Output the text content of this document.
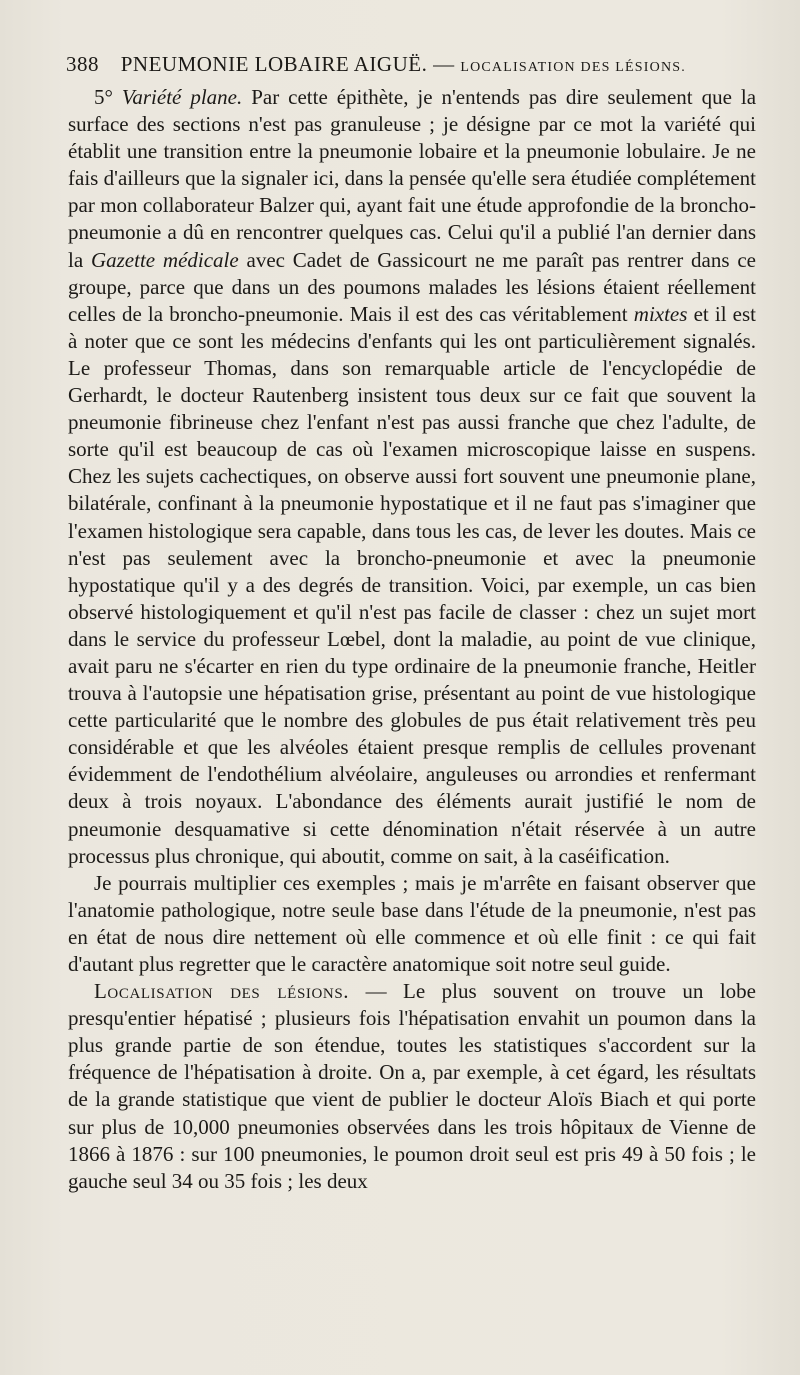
388 PNEUMONIE LOBAIRE AIGUË. — LOCALISATION DES LÉSIONS.

5° Variété plane. Par cette épithète, je n'entends pas dire seulement que la surface des sections n'est pas granuleuse ; je désigne par ce mot la variété qui établit une transition entre la pneumonie lobaire et la pneumonie lobulaire. Je ne fais d'ailleurs que la signaler ici, dans la pensée qu'elle sera étudiée complétement par mon collaborateur Balzer qui, ayant fait une étude approfondie de la broncho-pneumonie a dû en rencontrer quelques cas. Celui qu'il a publié l'an dernier dans la Gazette médicale avec Cadet de Gassicourt ne me paraît pas rentrer dans ce groupe, parce que dans un des poumons malades les lésions étaient réellement celles de la broncho-pneumonie. Mais il est des cas véritablement mixtes et il est à noter que ce sont les médecins d'enfants qui les ont particulièrement signalés. Le professeur Thomas, dans son remarquable article de l'encyclopédie de Gerhardt, le docteur Rautenberg insistent tous deux sur ce fait que souvent la pneumonie fibrineuse chez l'enfant n'est pas aussi franche que chez l'adulte, de sorte qu'il est beaucoup de cas où l'examen microscopique laisse en suspens. Chez les sujets cachectiques, on observe aussi fort souvent une pneumonie plane, bilatérale, confinant à la pneumonie hypostatique et il ne faut pas s'imaginer que l'examen histologique sera capable, dans tous les cas, de lever les doutes. Mais ce n'est pas seulement avec la broncho-pneumonie et avec la pneumonie hypostatique qu'il y a des degrés de transition. Voici, par exemple, un cas bien observé histologiquement et qu'il n'est pas facile de classer : chez un sujet mort dans le service du professeur Lœbel, dont la maladie, au point de vue clinique, avait paru ne s'écarter en rien du type ordinaire de la pneumonie franche, Heitler trouva à l'autopsie une hépatisation grise, présentant au point de vue histologique cette particularité que le nombre des globules de pus était relativement très peu considérable et que les alvéoles étaient presque remplis de cellules provenant évidemment de l'endothélium alvéolaire, anguleuses ou arrondies et renfermant deux à trois noyaux. L'abondance des éléments aurait justifié le nom de pneumonie desquamative si cette dénomination n'était réservée à un autre processus plus chronique, qui aboutit, comme on sait, à la caséification.

Je pourrais multiplier ces exemples ; mais je m'arrête en faisant observer que l'anatomie pathologique, notre seule base dans l'étude de la pneumonie, n'est pas en état de nous dire nettement où elle commence et où elle finit : ce qui fait d'autant plus regretter que le caractère anatomique soit notre seul guide.

Localisation des lésions. — Le plus souvent on trouve un lobe presqu'entier hépatisé ; plusieurs fois l'hépatisation envahit un poumon dans la plus grande partie de son étendue, toutes les statistiques s'accordent sur la fréquence de l'hépatisation à droite. On a, par exemple, à cet égard, les résultats de la grande statistique que vient de publier le docteur Aloïs Biach et qui porte sur plus de 10,000 pneumonies observées dans les trois hôpitaux de Vienne de 1866 à 1876 : sur 100 pneumonies, le poumon droit seul est pris 49 à 50 fois ; le gauche seul 34 ou 35 fois ; les deux
